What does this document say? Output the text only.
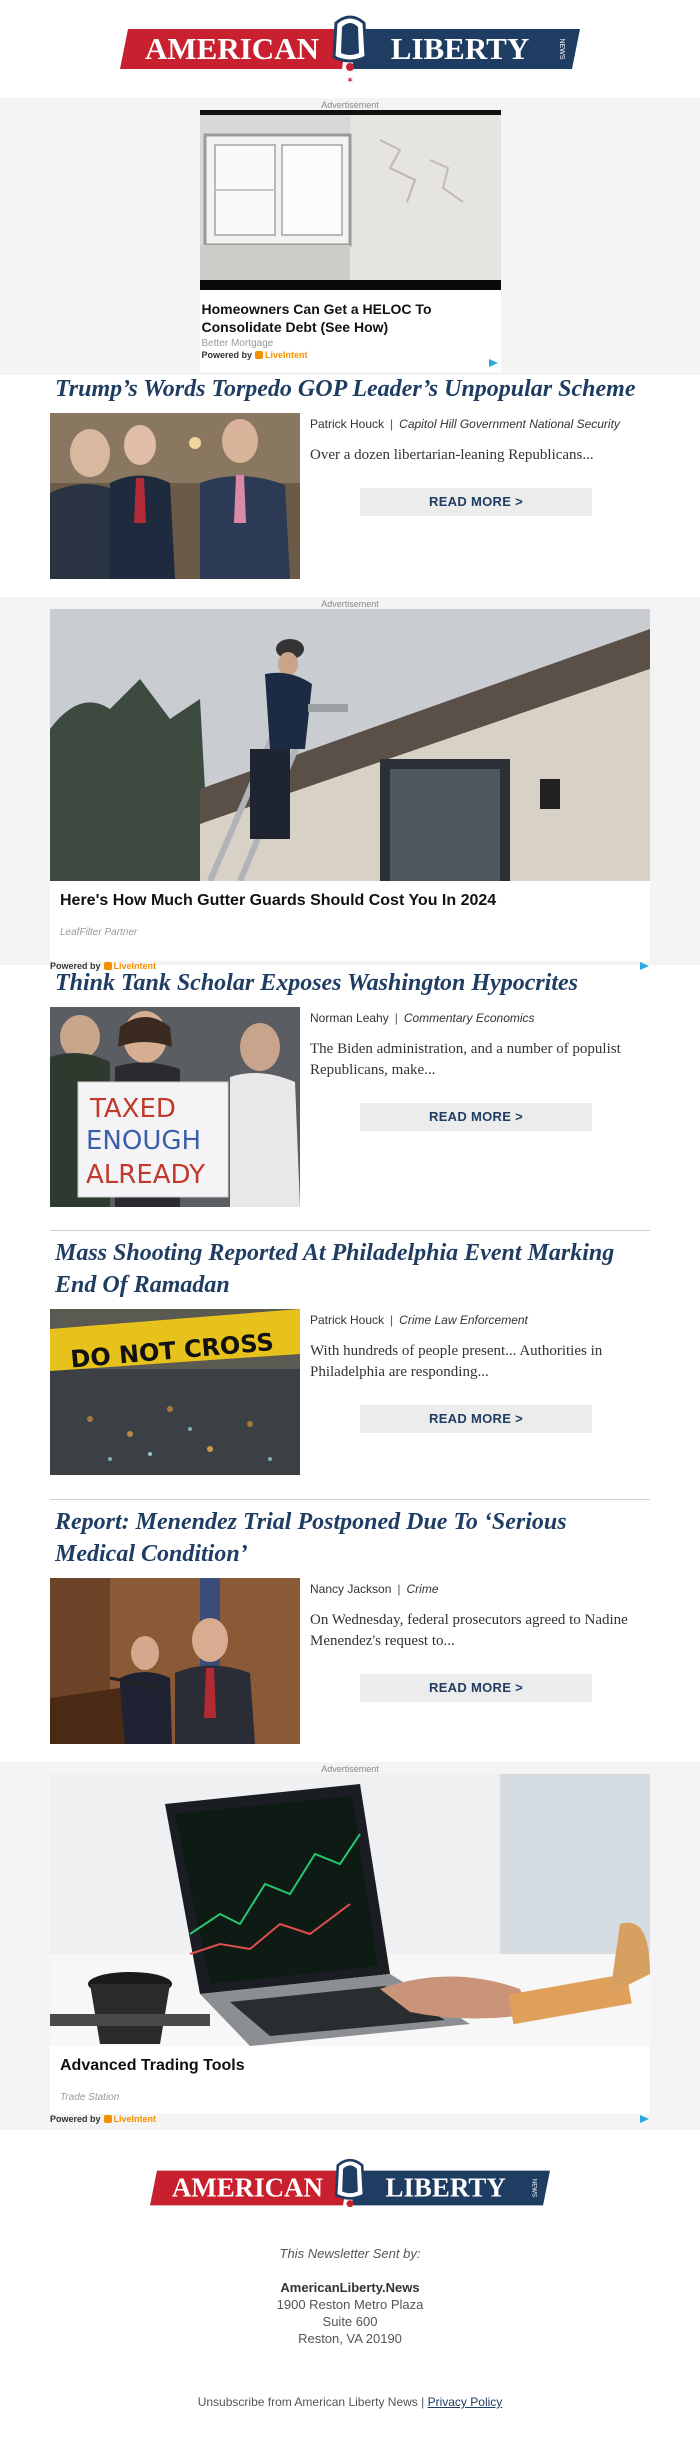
✶
AMERICAN LIBERTY	NEWS
Advertisement
Homeowners Can Get a HELOC To Consolidate Debt (See How)
Better Mortgage
Powered by LiveIntent
Trump’s Words Torpedo GOP Leader’s Unpopular Scheme
Patrick Houck | Capitol Hill Government National Security
Over a dozen libertarian-leaning Republicans...
READ MORE >
Advertisement
Here's How Much Gutter Guards Should Cost You In 2024
LeafFilter Partner
Powered by LiveIntent
Think Tank Scholar Exposes Washington Hypocrites
TAXED
ENOUGH
ALREADY
Norman Leahy | Commentary Economics
The Biden administration, and a number of populist Republicans, make...
READ MORE >
Mass Shooting Reported At Philadelphia Event Marking End Of Ramadan
DO NOT CROSS
Patrick Houck | Crime Law Enforcement
With hundreds of people present... Authorities in Philadelphia are responding...
READ MORE >
Report: Menendez Trial Postponed Due To ‘Serious Medical Condition’
Nancy Jackson | Crime
On Wednesday, federal prosecutors agreed to Nadine Menendez's request to...
READ MORE >
Advertisement
Advanced Trading Tools
Trade Station
Powered by LiveIntent
AMERICAN LIBERTY	NEWS
This Newsletter Sent by:
AmericanLiberty.News
1900 Reston Metro Plaza
Suite 600
Reston, VA 20190
Unsubscribe from American Liberty News | Privacy Policy
